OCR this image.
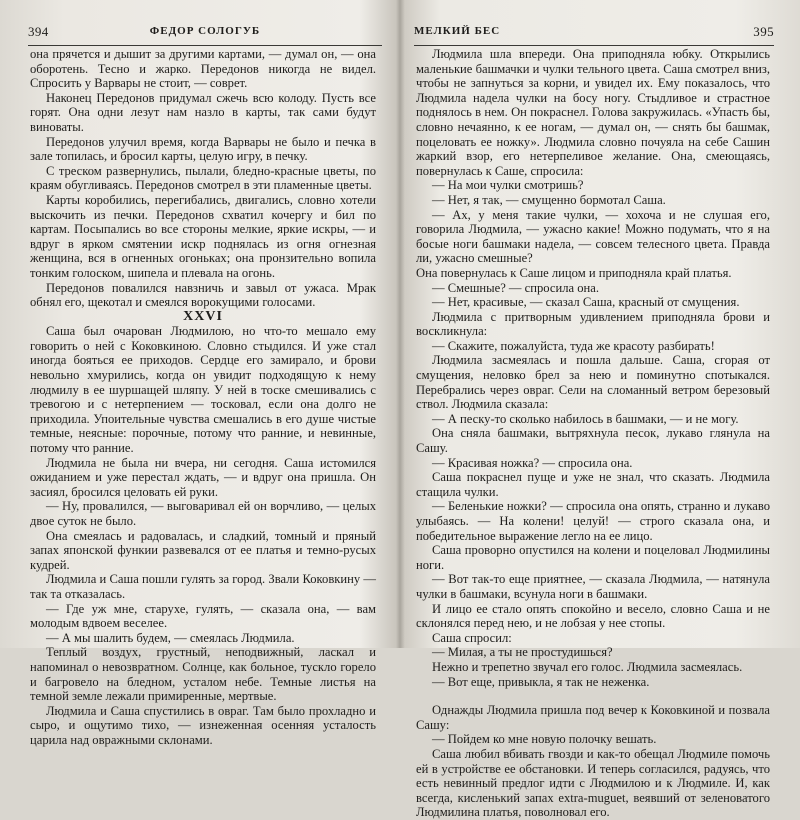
394	ФЕДОР СОЛОГУБ

она прячется и дышит за другими картами, — думал он, — она оборотень. Тесно и жарко. Передонов никогда не видел. Спросить у Варвары не стоит, — соврет.

Наконец Передонов придумал сжечь всю колоду. Пусть все горят. Она одни лезут нам назло в карты, так сами будут виноваты.

Передонов улучил время, когда Варвары не было и печка в зале топилась, и бросил карты, целую игру, в печку.

С треском развернулись, пылали, бледно-красные цветы, по краям обугливаясь. Передонов смотрел в эти пламенные цветы.

Карты коробились, перегибались, двигались, словно хотели выскочить из печки. Передонов схватил кочергу и бил по картам. Посыпались во все стороны мелкие, яркие искры, — и вдруг в ярком смятении искр поднялась из огня огнезная женщина, вся в огненных огоньках; она пронзительно вопила тонким голоском, шипела и плевала на огонь.

Передонов повалился навзничь и завыл от ужаса. Мрак обнял его, щекотал и смеялся ворокущими голосами.

XXVI

Саша был очарован Людмилою, но что-то мешало ему говорить о ней с Коковкиною. Словно стыдился. И уже стал иногда бояться ее приходов. Сердце его замирало, и брови невольно хмурились, когда он увидит подходящую к нему людмилу в ее шуршащей шляпу. У ней в тоске смешивались с тревогою и с нетерпением — тосковал, если она долго не приходила. Упоительные чувства смешались в его душе чистые темные, неясные: порочные, потому что ранние, и невинные, потому что ранние.

Людмила не была ни вчера, ни сегодня. Саша истомился ожиданием и уже перестал ждать, — и вдруг она пришла. Он засиял, бросился целовать ей руки.

— Ну, провалился, — выговаривал ей он ворчливо, — целых двое суток не было.

Она смеялась и радовалась, и сладкий, томный и пряный запах японской функии развевался от ее платья и темно-русых кудрей.

Людмила и Саша пошли гулять за город. Звали Коковкину — так та отказалась.

— Где уж мне, старухе, гулять, — сказала она, — вам молодым вдвоем веселее.

— А мы шалить будем, — смеялась Людмила.

Теплый воздух, грустный, неподвижный, ласкал и напоминал о невозвратном. Солнце, как больное, тускло горело и багровело на бледном, усталом небе. Темные листья на темной земле лежали примиренные, мертвые.

Людмила и Саша спустились в овраг. Там было прохладно и сыро, и ощутимо тихо, — изнеженная осенняя усталость царила над овражными склонами.

МЕЛКИЙ БЕС	395

Людмила шла впереди. Она приподняла юбку. Открылись маленькие башмачки и чулки тельного цвета. Саша смотрел вниз, чтобы не запнуться за корни, и увидел их. Ему показалось, что Людмила надела чулки на босу ногу. Стыдливое и страстное поднялось в нем. Он покраснел. Голова закружилась. «Упасть бы, словно нечаянно, к ее ногам, — думал он, — снять бы башмак, поцеловать ее ножку». Людмила словно почуяла на себе Сашин жаркий взор, его нетерпеливое желание. Она, смеющаясь, повернулась к Саше, спросила:

— На мои чулки смотришь?

— Нет, я так, — смущенно бормотал Саша.

— Ах, у меня такие чулки, — хохоча и не слушая его, говорила Людмила, — ужасно какие! Можно подумать, что я на босые ноги башмаки надела, — совсем телесного цвета. Правда ли, ужасно смешные?

Она повернулась к Саше лицом и приподняла край платья.

— Смешные? — спросила она.

— Нет, красивые, — сказал Саша, красный от смущения.

Людмила с притворным удивлением приподняла брови и воскликнула:

— Скажите, пожалуйста, туда же красоту разбирать!

Людмила засмеялась и пошла дальше. Саша, сгорая от смущения, неловко брел за нею и поминутно спотыкался. Перебрались через овраг. Сели на сломанный ветром березовый ствол. Людмила сказала:

— А песку-то сколько набилось в башмаки, — и не могу.

Она сняла башмаки, вытряхнула песок, лукаво глянула на Сашу.

— Красивая ножка? — спросила она.

Саша покраснел пуще и уже не знал, что сказать. Людмила стащила чулки.

— Беленькие ножки? — спросила она опять, странно и лукаво улыбаясь. — На колени! целуй! — строго сказала она, и победительное выражение легло на ее лицо.

Саша проворно опустился на колени и поцеловал Людмилины ноги.

— Вот так-то еще приятнее, — сказала Людмила, — натянула чулки в башмаки, всунула ноги в башмаки.

И лицо ее стало опять спокойно и весело, словно Саша и не склонялся перед нею, и не лобзая у нее стопы.

Саша спросил:

— Милая, а ты не простудишься?

Нежно и трепетно звучал его голос. Людмила засмеялась.

— Вот еще, привыкла, я так не неженка.

Однажды Людмила пришла под вечер к Коковкиной и позвала Сашу:

— Пойдем ко мне новую полочку вешать.

Саша любил вбивать гвозди и как-то обещал Людмиле помочь ей в устройстве ее обстановки. И теперь согласился, радуясь, что есть невинный предлог идти с Людмилою и к Людмиле. И, как всегда, кисленький запах extra-muguet, веявший от зеленоватого Людмилина платья, поволновал его.
